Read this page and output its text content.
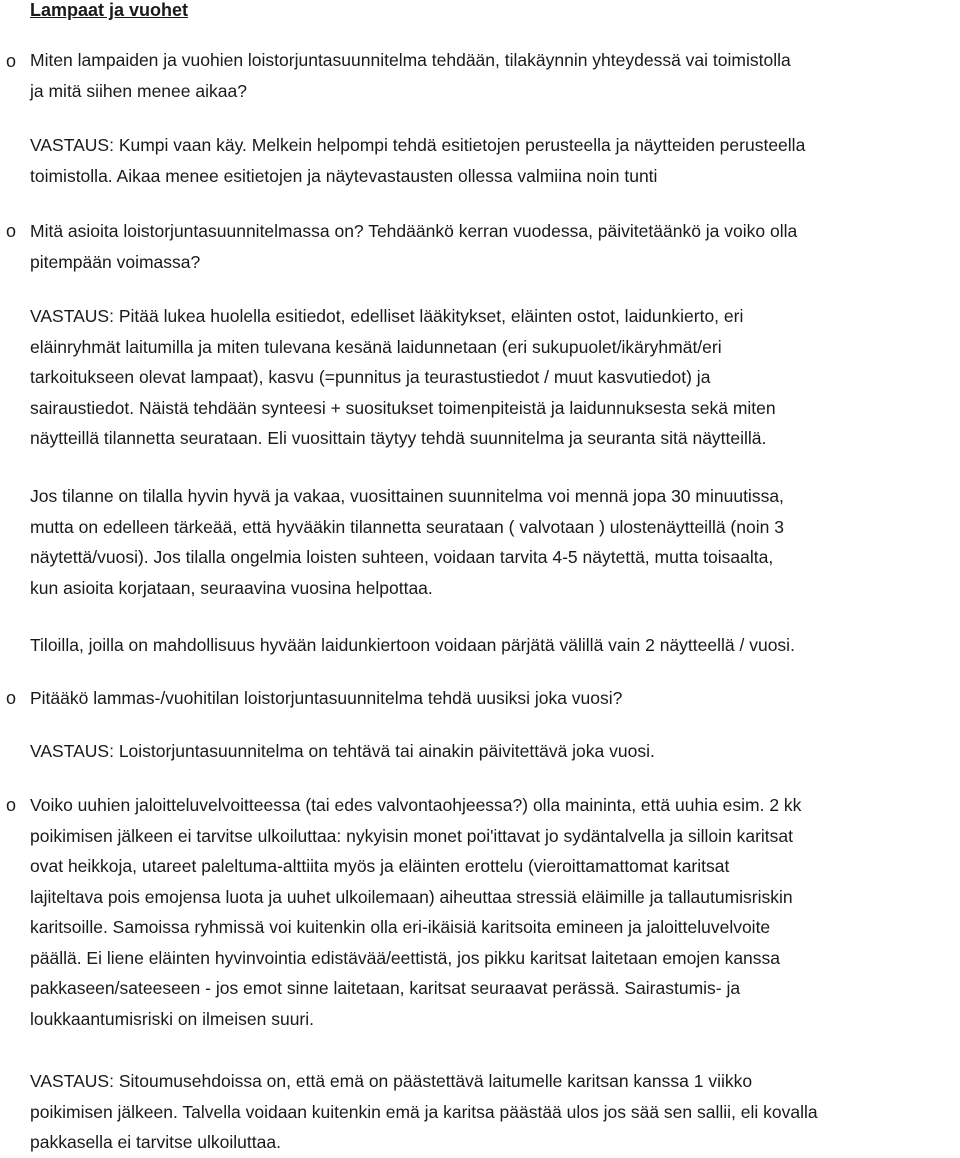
Lampaat ja vuohet
o Miten lampaiden ja vuohien loistorjuntasuunnitelma tehdään, tilakäynnin yhteydessä vai toimistolla
ja mitä siihen menee aikaa?
VASTAUS: Kumpi vaan käy. Melkein helpompi tehdä esitietojen perusteella ja näytteiden perusteella
toimistolla. Aikaa menee esitietojen ja näytevastausten ollessa valmiina noin tunti
o Mitä asioita loistorjuntasuunnitelmassa on? Tehdäänkö kerran vuodessa, päivitetäänkö ja voiko olla
pitempään voimassa?
VASTAUS: Pitää lukea huolella esitiedot, edelliset lääkitykset, eläinten ostot, laidunkierto, eri
eläinryhmät laitumilla ja miten tulevana kesänä laidunnetaan (eri sukupuolet/ikäryhmät/eri
tarkoitukseen olevat lampaat), kasvu (=punnitus ja teurastustiedot / muut kasvutiedot) ja
sairaustiedot. Näistä tehdään synteesi + suositukset toimenpiteistä ja laidunnuksesta sekä miten
näytteillä tilannetta seurataan. Eli vuosittain täytyy tehdä suunnitelma ja seuranta sitä näytteillä.
Jos tilanne on tilalla hyvin hyvä ja vakaa, vuosittainen suunnitelma voi mennä jopa 30 minuutissa,
mutta on edelleen tärkeää, että hyvääkin tilannetta seurataan ( valvotaan ) ulostenäytteillä (noin 3
näytettä/vuosi). Jos tilalla ongelmia loisten suhteen, voidaan tarvita 4-5 näytettä, mutta toisaalta,
kun asioita korjataan, seuraavina vuosina helpottaa.
Tiloilla, joilla on mahdollisuus hyvään laidunkiertoon voidaan pärjätä välillä vain 2 näytteellä / vuosi.
o Pitääkö lammas-/vuohitilan loistorjuntasuunnitelma tehdä uusiksi joka vuosi?
VASTAUS: Loistorjuntasuunnitelma on tehtävä tai ainakin päivitettävä joka vuosi.
o Voiko uuhien jaloitteluvelvoitteessa (tai edes valvontaohjeessa?) olla maininta, että uuhia esim. 2 kk
poikimisen jälkeen ei tarvitse ulkoiluttaa: nykyisin monet poi'ittavat jo sydäntalvella ja silloin karitsat
ovat heikkoja, utareet paleltuma-alttiita myös ja eläinten erottelu (vieroittamattomat karitsat
lajiteltava pois emojensa luota ja uuhet ulkoilemaan) aiheuttaa stressiä eläimille ja tallautumisriskin
karitsoille. Samoissa ryhmissä voi kuitenkin olla eri-ikäisiä karitsoita emineen ja jaloitteluvelvoite
päällä. Ei liene eläinten hyvinvointia edistävää/eettistä, jos pikku karitsat laitetaan emojen kanssa
pakkaseen/sateeseen - jos emot sinne laitetaan, karitsat seuraavat perässä. Sairastumis- ja
loukkaantumisriski on ilmeisen suuri.
VASTAUS: Sitoumusehdoissa on, että emä on päästettävä laitumelle karitsan kanssa 1 viikko
poikimisen jälkeen. Talvella voidaan kuitenkin emä ja karitsa päästää ulos jos sää sen sallii, eli kovalla
pakkasella ei tarvitse ulkoiluttaa.
